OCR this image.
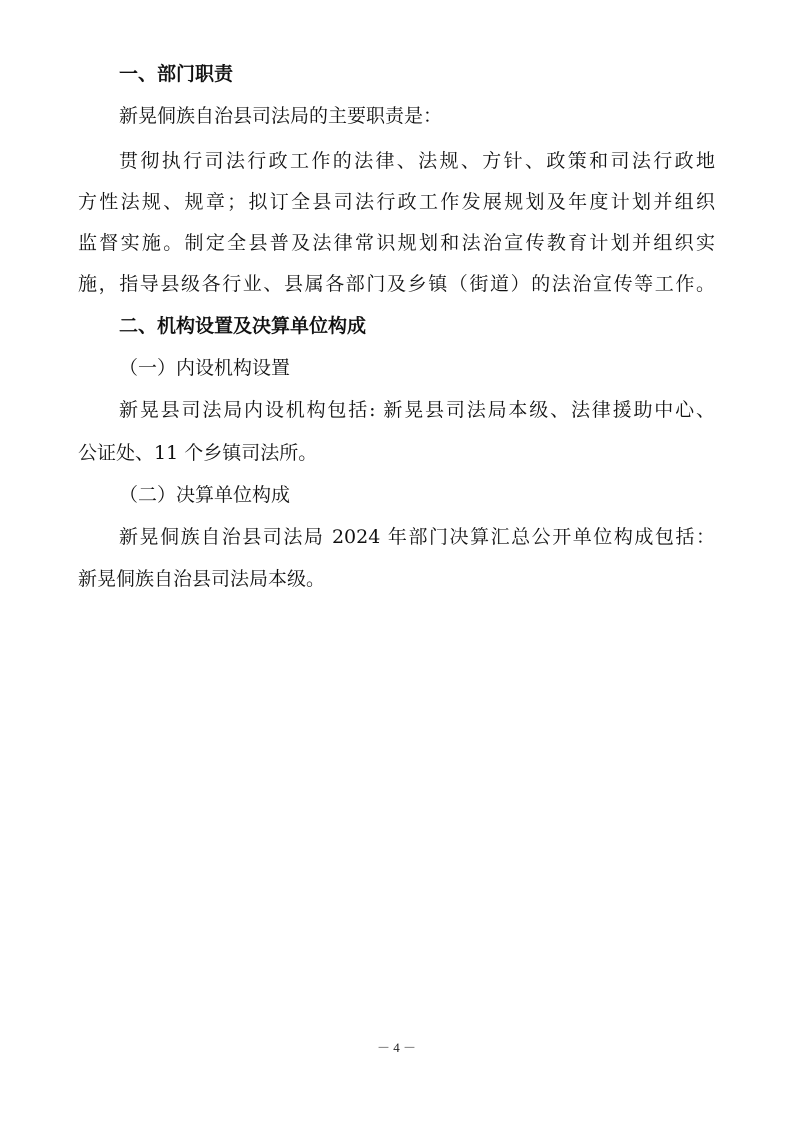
一、部门职责
新晃侗族自治县司法局的主要职责是：
贯彻执行司法行政工作的法律、法规、方针、政策和司法行政地
方性法规、规章；拟订全县司法行政工作发展规划及年度计划并组织
监督实施。制定全县普及法律常识规划和法治宣传教育计划并组织实
施，指导县级各行业、县属各部门及乡镇（街道）的法治宣传等工作。
二、机构设置及决算单位构成
（一）内设机构设置
新晃县司法局内设机构包括: 新晃县司法局本级、法律援助中心、
公证处、11 个乡镇司法所。
（二）决算单位构成
新晃侗族自治县司法局 2024 年部门决算汇总公开单位构成包括：
新晃侗族自治县司法局本级。
－ 4 －
